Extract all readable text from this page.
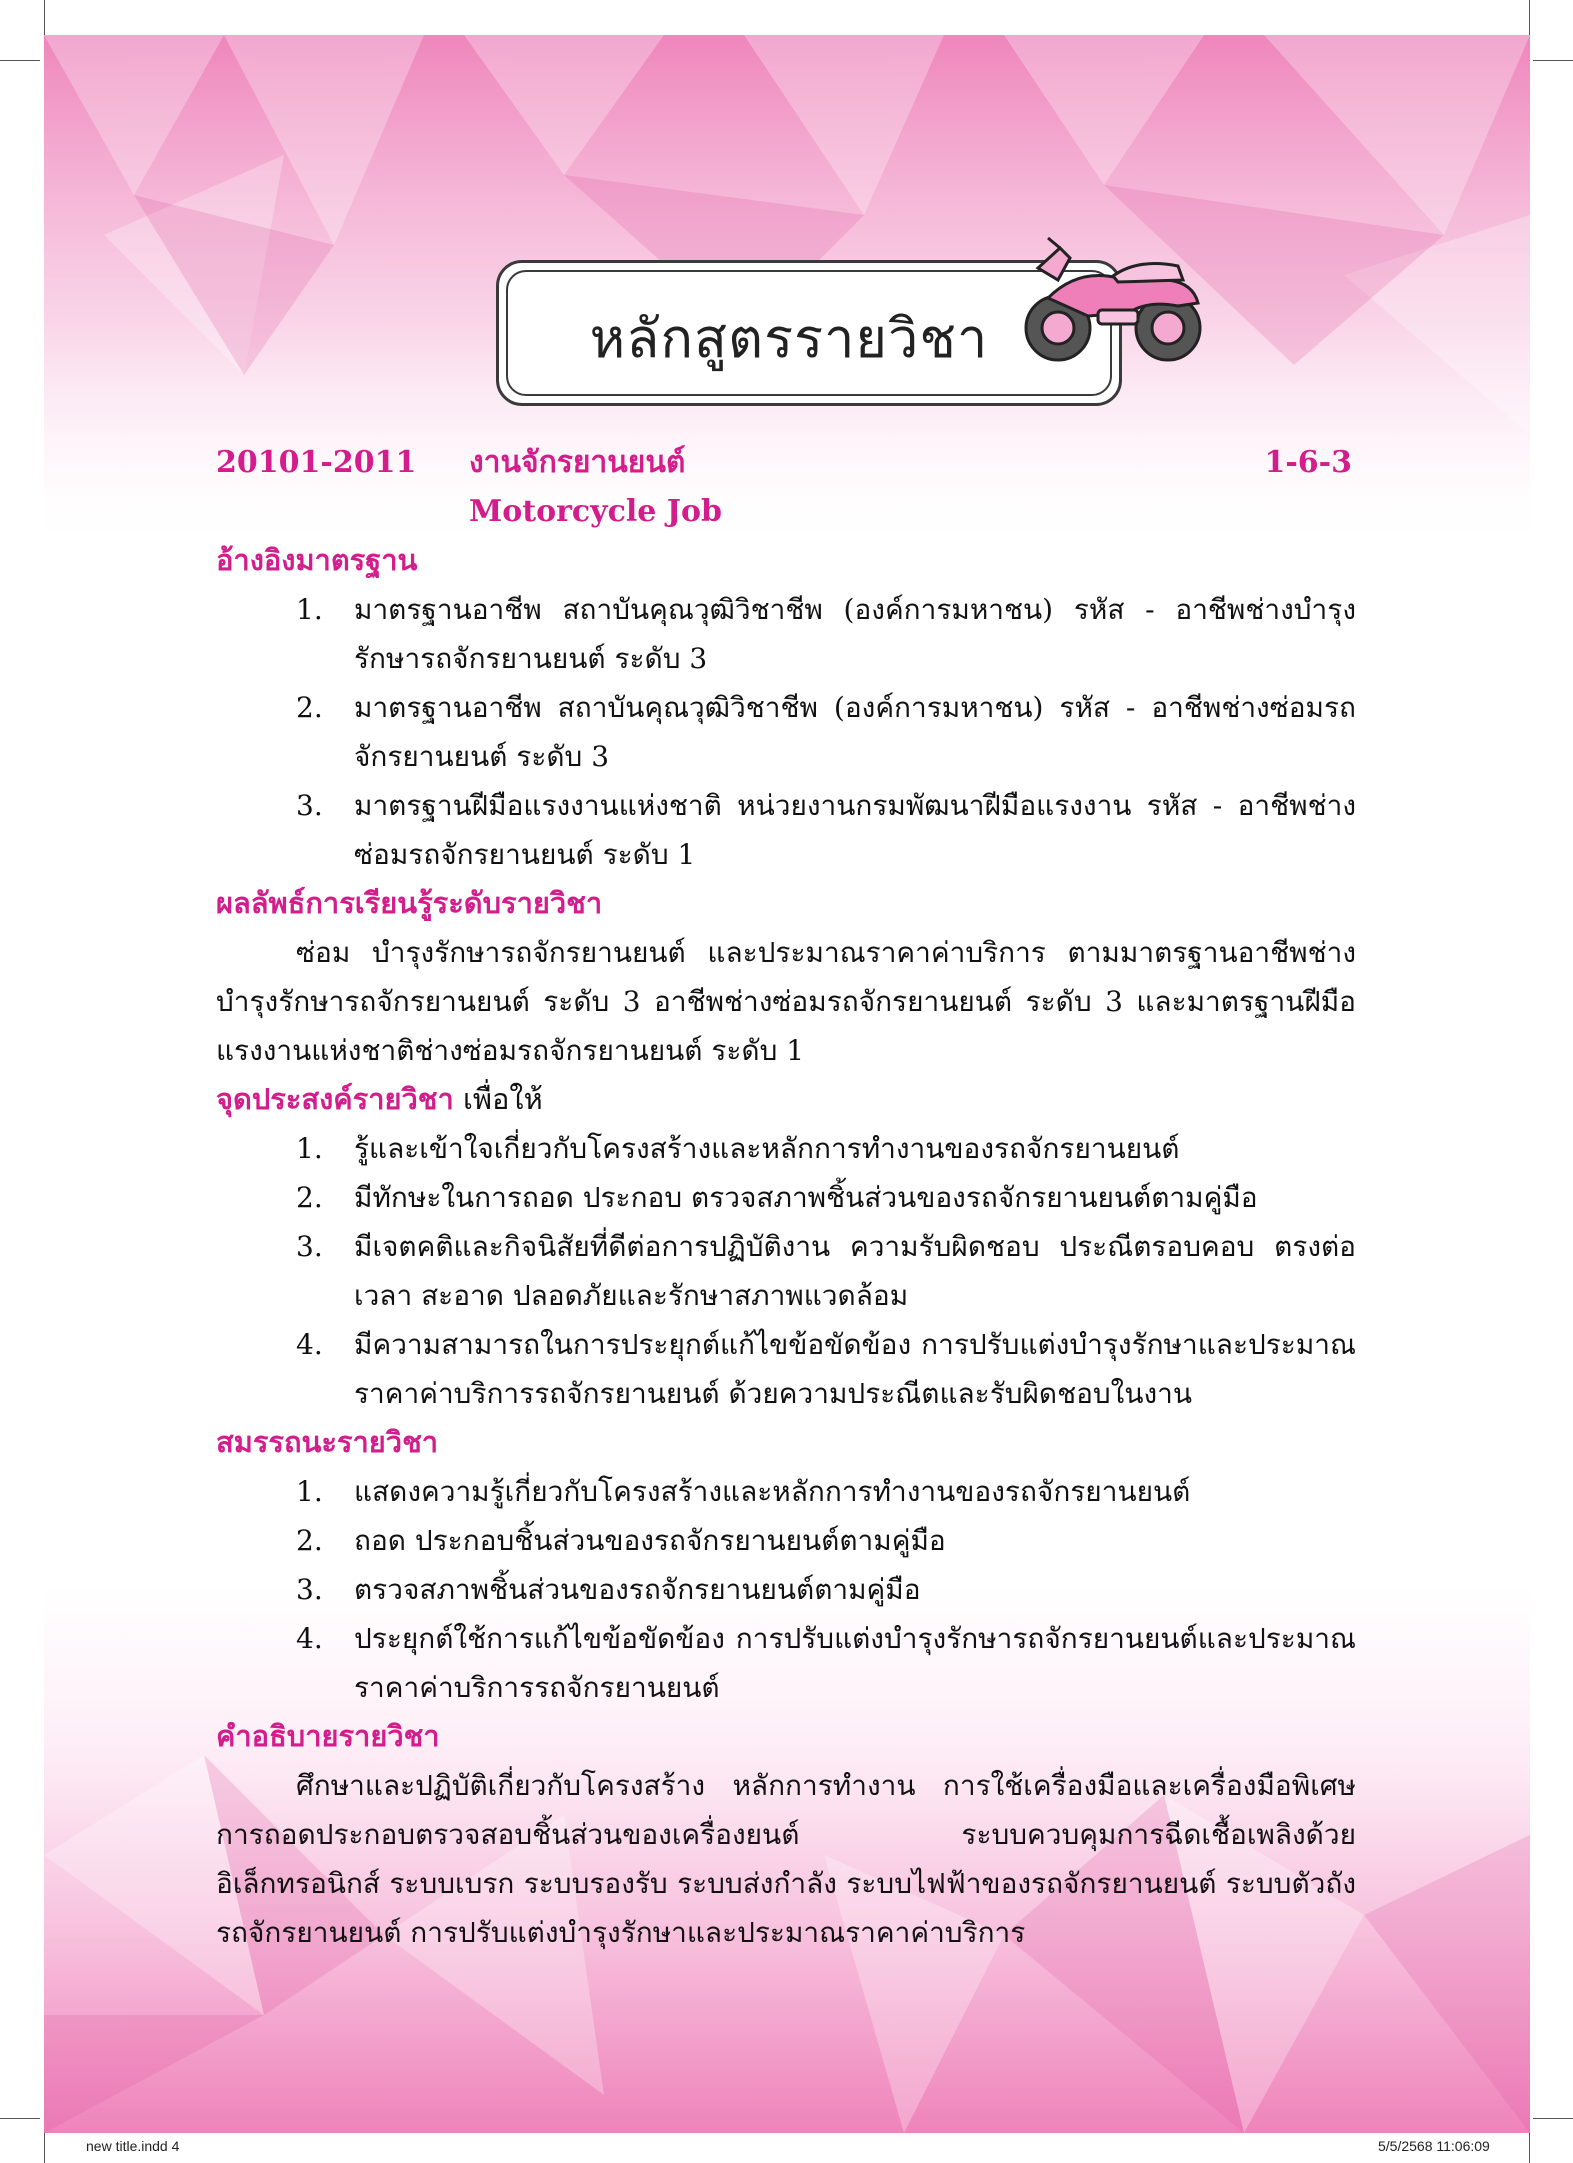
หลักสูตรรายวิชา
20101-2011 งานจักรยานยนต์
Motorcycle Job
1-6-3
อ้างอิงมาตรฐาน
1. มาตรฐานอาชีพ สถาบันคุณวุฒิวิชาชีพ (องค์การมหาชน) รหัส - อาชีพช่างบำรุงรักษารถจักรยานยนต์ ระดับ 3
2. มาตรฐานอาชีพ สถาบันคุณวุฒิวิชาชีพ (องค์การมหาชน) รหัส - อาชีพช่างซ่อมรถจักรยานยนต์ ระดับ 3
3. มาตรฐานฝีมือแรงงานแห่งชาติ หน่วยงานกรมพัฒนาฝีมือแรงงาน รหัส - อาชีพช่างซ่อมรถจักรยานยนต์ ระดับ 1
ผลลัพธ์การเรียนรู้ระดับรายวิชา

ซ่อม บำรุงรักษารถจักรยานยนต์ และประมาณราคาค่าบริการ ตามมาตรฐานอาชีพช่างบำรุงรักษารถจักรยานยนต์ ระดับ 3 อาชีพช่างซ่อมรถจักรยานยนต์ ระดับ 3 และมาตรฐานฝีมือแรงงานแห่งชาติช่างซ่อมรถจักรยานยนต์ ระดับ 1

จุดประสงค์รายวิชา เพื่อให้
1. รู้และเข้าใจเกี่ยวกับโครงสร้างและหลักการทำงานของรถจักรยานยนต์
2. มีทักษะในการถอด ประกอบ ตรวจสภาพชิ้นส่วนของรถจักรยานยนต์ตามคู่มือ
3. มีเจตคติและกิจนิสัยที่ดีต่อการปฏิบัติงาน ความรับผิดชอบ ประณีตรอบคอบ ตรงต่อเวลา สะอาด ปลอดภัยและรักษาสภาพแวดล้อม
4. มีความสามารถในการประยุกต์แก้ไขข้อขัดข้อง การปรับแต่งบำรุงรักษาและประมาณราคาค่าบริการรถจักรยานยนต์ ด้วยความประณีตและรับผิดชอบในงาน
สมรรถนะรายวิชา
1. แสดงความรู้เกี่ยวกับโครงสร้างและหลักการทำงานของรถจักรยานยนต์
2. ถอด ประกอบชิ้นส่วนของรถจักรยานยนต์ตามคู่มือ
3. ตรวจสภาพชิ้นส่วนของรถจักรยานยนต์ตามคู่มือ
4. ประยุกต์ใช้การแก้ไขข้อขัดข้อง การปรับแต่งบำรุงรักษารถจักรยานยนต์และประมาณราคาค่าบริการรถจักรยานยนต์
คำอธิบายรายวิชา

ศึกษาและปฏิบัติเกี่ยวกับโครงสร้าง หลักการทำงาน การใช้เครื่องมือและเครื่องมือพิเศษ การถอดประกอบตรวจสอบชิ้นส่วนของเครื่องยนต์ ระบบควบคุมการฉีดเชื้อเพลิงด้วยอิเล็กทรอนิกส์ ระบบเบรก ระบบรองรับ ระบบส่งกำลัง ระบบไฟฟ้าของรถจักรยานยนต์ ระบบตัวถังรถจักรยานยนต์ การปรับแต่งบำรุงรักษาและประมาณราคาค่าบริการ

new title.indd 4	5/5/2568 11:06:09
